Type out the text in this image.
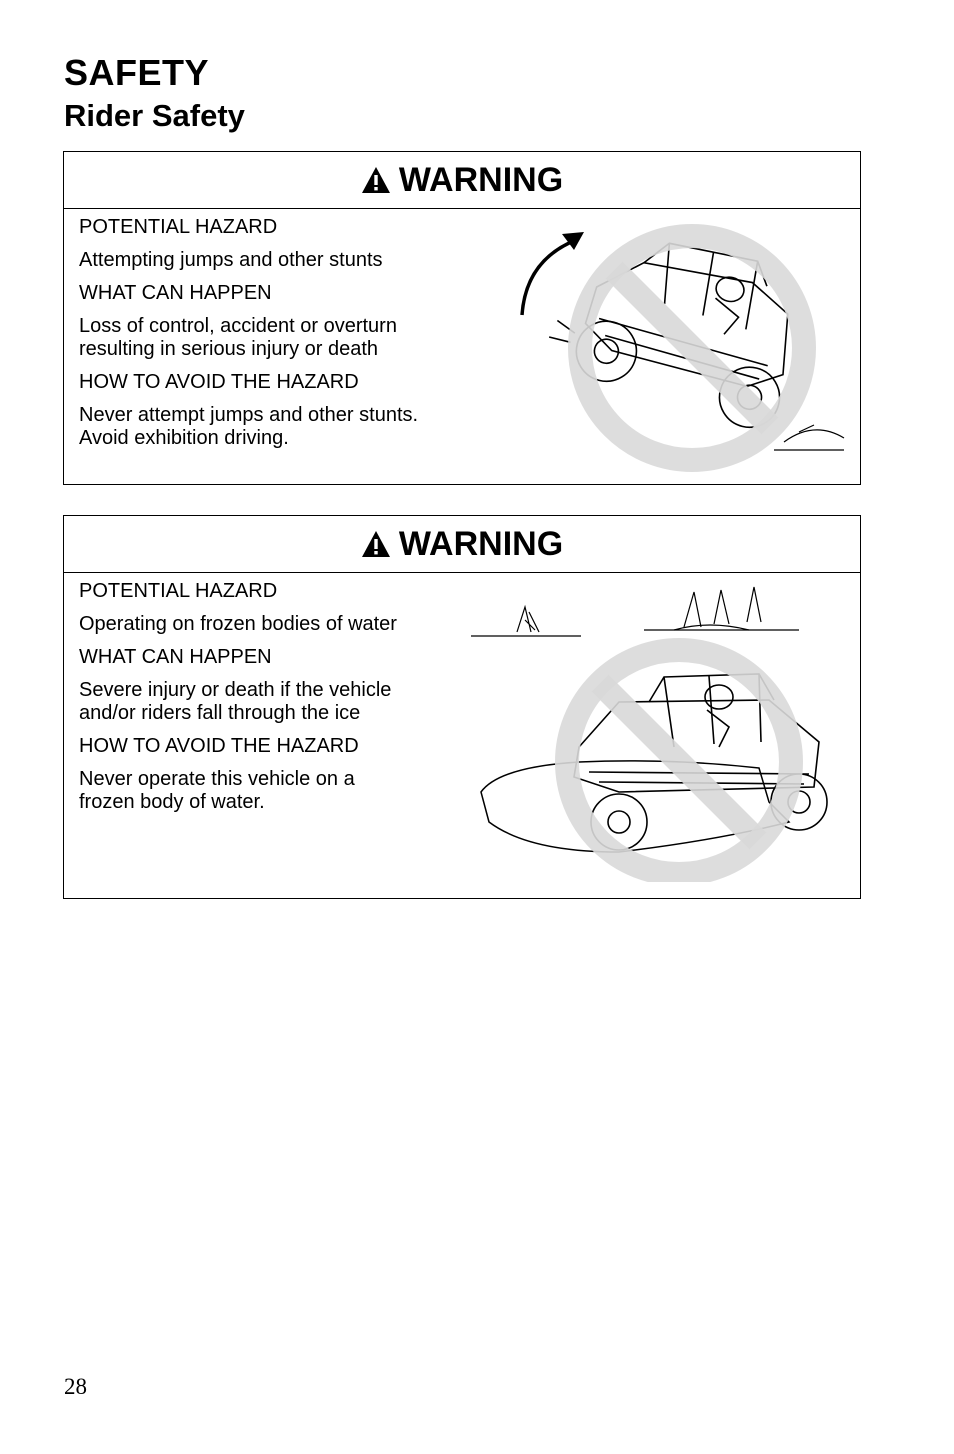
SAFETY
Rider Safety
WARNING

POTENTIAL HAZARD

Attempting jumps and other stunts

WHAT CAN HAPPEN

Loss of control, accident or overturn
resulting in serious injury or death

HOW TO AVOID THE HAZARD

Never attempt jumps and other stunts.
Avoid exhibition driving.

WARNING

POTENTIAL HAZARD

Operating on frozen bodies of water

WHAT CAN HAPPEN

Severe injury or death if the vehicle
and/or riders fall through the ice

HOW TO AVOID THE HAZARD

Never operate this vehicle on a
frozen body of water.

28
